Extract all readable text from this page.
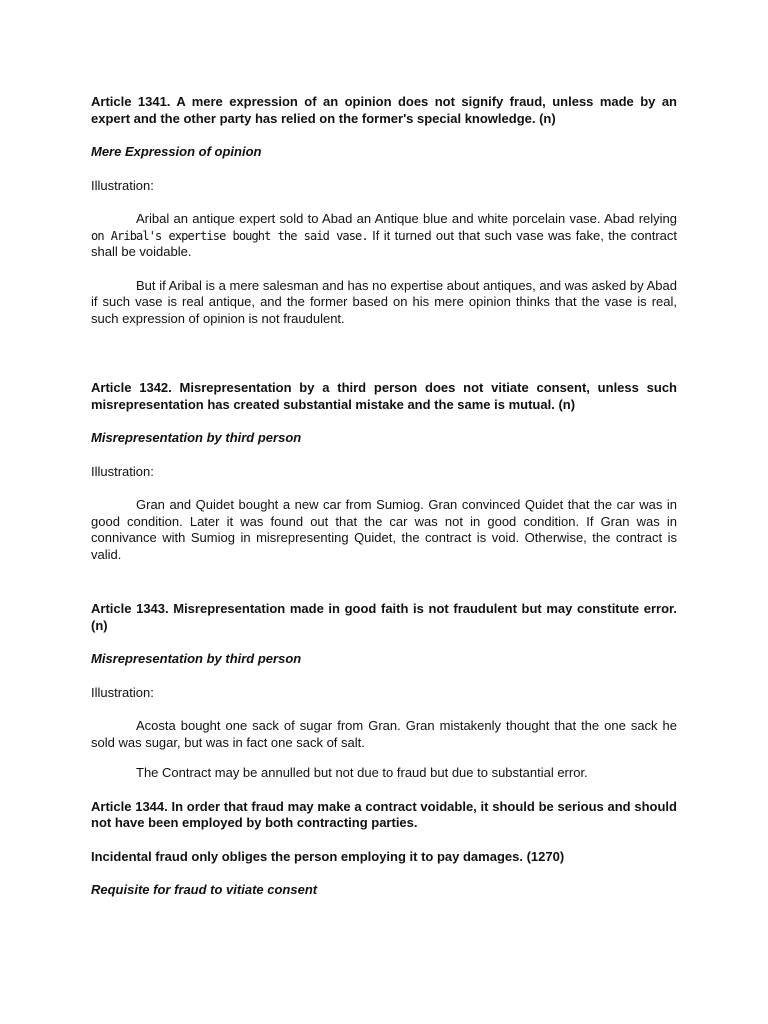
Article 1341. A mere expression of an opinion does not signify fraud, unless made by an expert and the other party has relied on the former's special knowledge. (n)

Mere Expression of opinion

Illustration:

Aribal an antique expert sold to Abad an Antique blue and white porcelain vase. Abad relying on Aribal's expertise bought the said vase. If it turned out that such vase was fake, the contract shall be voidable.

But if Aribal is a mere salesman and has no expertise about antiques, and was asked by Abad if such vase is real antique, and the former based on his mere opinion thinks that the vase is real, such expression of opinion is not fraudulent.

Article 1342. Misrepresentation by a third person does not vitiate consent, unless such misrepresentation has created substantial mistake and the same is mutual. (n)

Misrepresentation by third person

Illustration:

Gran and Quidet bought a new car from Sumiog. Gran convinced Quidet that the car was in good condition. Later it was found out that the car was not in good condition. If Gran was in connivance with Sumiog in misrepresenting Quidet, the contract is void. Otherwise, the contract is valid.

Article 1343. Misrepresentation made in good faith is not fraudulent but may constitute error. (n)

Misrepresentation by third person

Illustration:

Acosta bought one sack of sugar from Gran. Gran mistakenly thought that the one sack he sold was sugar, but was in fact one sack of salt.

The Contract may be annulled but not due to fraud but due to substantial error.

Article 1344. In order that fraud may make a contract voidable, it should be serious and should not have been employed by both contracting parties.

Incidental fraud only obliges the person employing it to pay damages. (1270)

Requisite for fraud to vitiate consent
